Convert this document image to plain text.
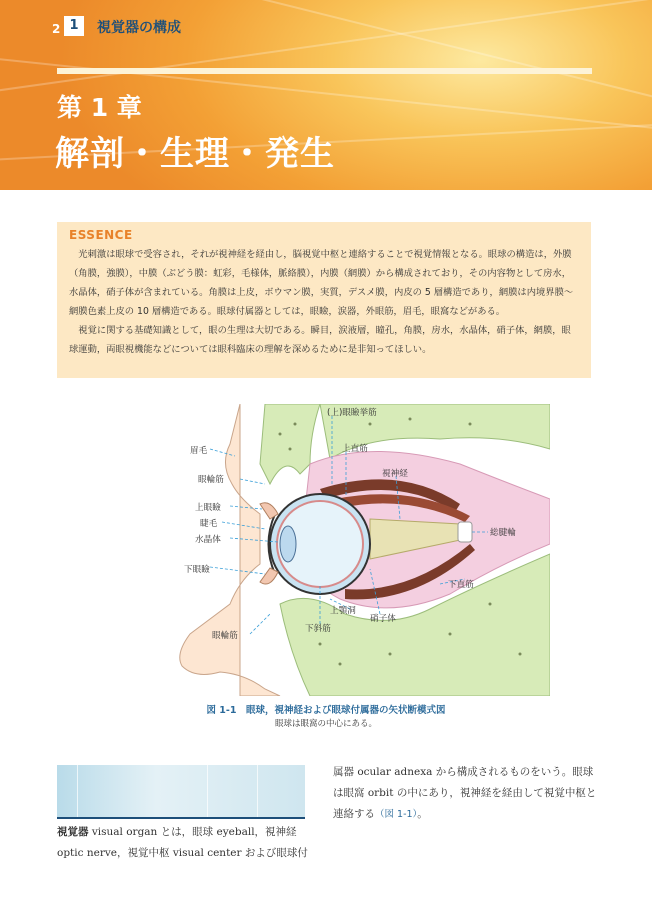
2
第 1 章
解剖・生理・発生
ESSENCE

光刺激は眼球で受容され，それが視神経を経由し，脳視覚中枢と連絡することで視覚情報となる。眼球の構造は，外膜（角膜，強膜），中膜（ぶどう膜：虹彩，毛様体，脈絡膜），内膜（網膜）から構成されており，その内容物として房水，水晶体，硝子体が含まれている。角膜は上皮，ボウマン膜，実質，デスメ膜，内皮の 5 層構造であり，網膜は内境界膜〜網膜色素上皮の 10 層構造である。眼球付属器としては，眼瞼，涙器，外眼筋，眉毛，眼窩などがある。

視覚に関する基礎知識として，眼の生理は大切である。瞬目，涙液層，瞳孔，角膜，房水，水晶体，硝子体，網膜，眼球運動，両眼視機能などについては眼科臨床の理解を深めるために是非知ってほしい。

(上)眼瞼挙筋
眉毛	上直筋
眼輪筋
視神経
上眼瞼
睫毛
水晶体
総腱輪
下眼瞼
下直筋
上顎洞
硝子体
下斜筋
眼輪筋
図 1-1　眼球，視神経および眼球付属器の矢状断模式図
眼球は眼窩の中心にある。
1	視覚器の構成
視覚器 visual organ とは，眼球 eyeball，視神経 optic nerve，視覚中枢 visual center および眼球付
属器 ocular adnexa から構成されるものをいう。眼球は眼窩 orbit の中にあり，視神経を経由して視覚中枢と連絡する（図 1-1）。
